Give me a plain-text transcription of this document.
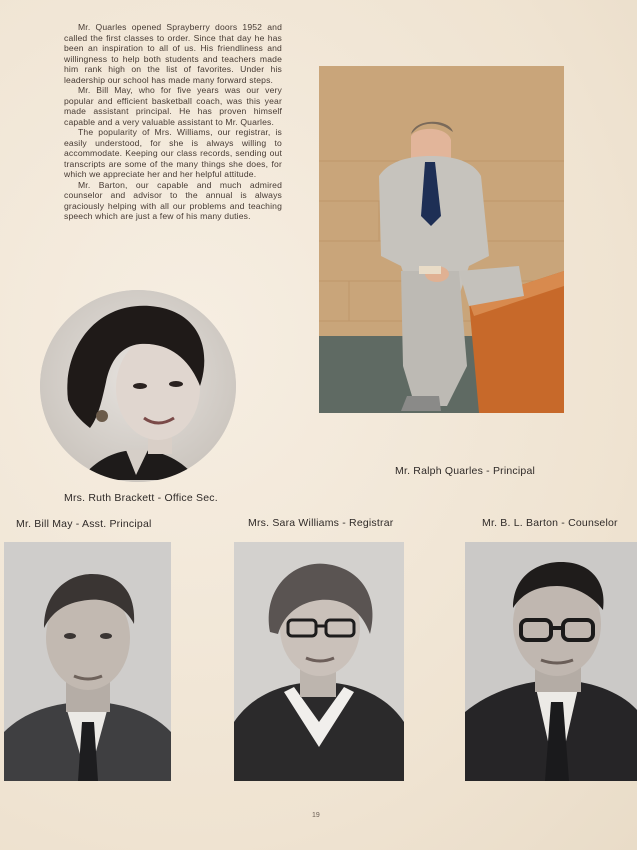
Mr. Quarles opened Sprayberry doors 1952 and called the first classes to order. Since that day he has been an inspiration to all of us. His friendliness and willingness to help both students and teachers made him rank high on the list of favorites. Under his leadership our school has made many forward steps.

Mr. Bill May, who for five years was our very popular and efficient basketball coach, was this year made assistant principal. He has proven himself capable and a very valuable assistant to Mr. Quarles.

The popularity of Mrs. Williams, our registrar, is easily understood, for she is always willing to accommodate. Keeping our class records, sending out transcripts are some of the many things she does, for which we appreciate her and her helpful attitude.

Mr. Barton, our capable and much admired counselor and advisor to the annual is always graciously helping with all our problems and teaching speech which are just a few of his many duties.

Mrs. Ruth Brackett - Office Sec.
Mr. Ralph Quarles - Principal
Mr. Bill May - Asst. Principal	Mrs. Sara Williams - Registrar	Mr. B. L. Barton - Counselor
19
